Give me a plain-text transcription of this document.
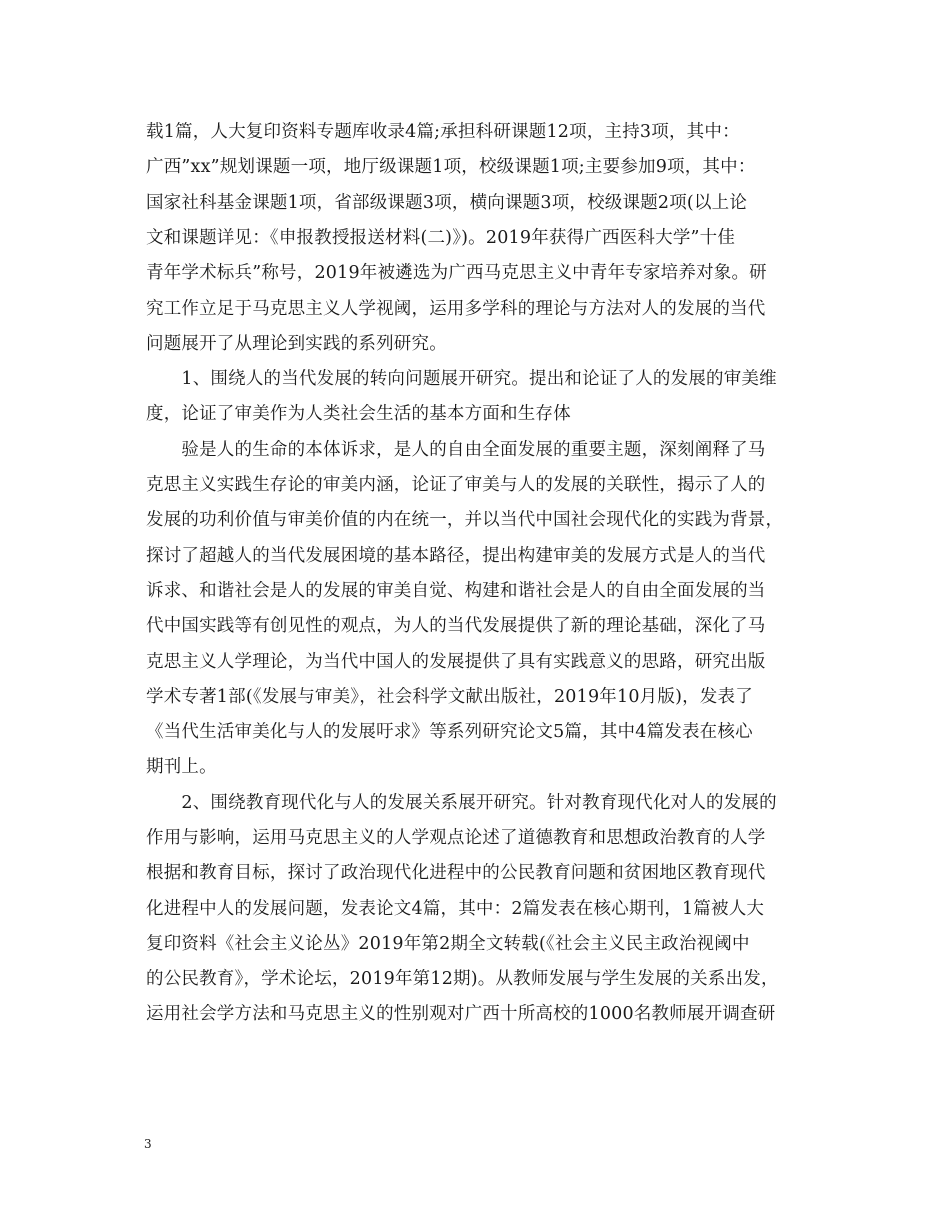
载1篇，人大复印资料专题库收录4篇;承担科研课题12项，主持3项，其中：
广西”xx”规划课题一项，地厅级课题1项，校级课题1项;主要参加9项，其中：
国家社科基金课题1项，省部级课题3项，横向课题3项，校级课题2项(以上论
文和课题详见：《申报教授报送材料(二)》)。2019年获得广西医科大学”十佳
青年学术标兵”称号，2019年被遴选为广西马克思主义中青年专家培养对象。研
究工作立足于马克思主义人学视阈，运用多学科的理论与方法对人的发展的当代
问题展开了从理论到实践的系列研究。
　　1、围绕人的当代发展的转向问题展开研究。提出和论证了人的发展的审美维
度，论证了审美作为人类社会生活的基本方面和生存体
　　验是人的生命的本体诉求，是人的自由全面发展的重要主题，深刻阐释了马
克思主义实践生存论的审美内涵，论证了审美与人的发展的关联性，揭示了人的
发展的功利价值与审美价值的内在统一，并以当代中国社会现代化的实践为背景，
探讨了超越人的当代发展困境的基本路径，提出构建审美的发展方式是人的当代
诉求、和谐社会是人的发展的审美自觉、构建和谐社会是人的自由全面发展的当
代中国实践等有创见性的观点，为人的当代发展提供了新的理论基础，深化了马
克思主义人学理论，为当代中国人的发展提供了具有实践意义的思路，研究出版
学术专著1部(《发展与审美》，社会科学文献出版社，2019年10月版)，发表了
《当代生活审美化与人的发展吁求》等系列研究论文5篇，其中4篇发表在核心
期刊上。
　　2、围绕教育现代化与人的发展关系展开研究。针对教育现代化对人的发展的
作用与影响，运用马克思主义的人学观点论述了道德教育和思想政治教育的人学
根据和教育目标，探讨了政治现代化进程中的公民教育问题和贫困地区教育现代
化进程中人的发展问题，发表论文4篇，其中：2篇发表在核心期刊，1篇被人大
复印资料《社会主义论丛》2019年第2期全文转载(《社会主义民主政治视阈中
的公民教育》，学术论坛，2019年第12期)。从教师发展与学生发展的关系出发，
运用社会学方法和马克思主义的性别观对广西十所高校的1000名教师展开调查研
3
